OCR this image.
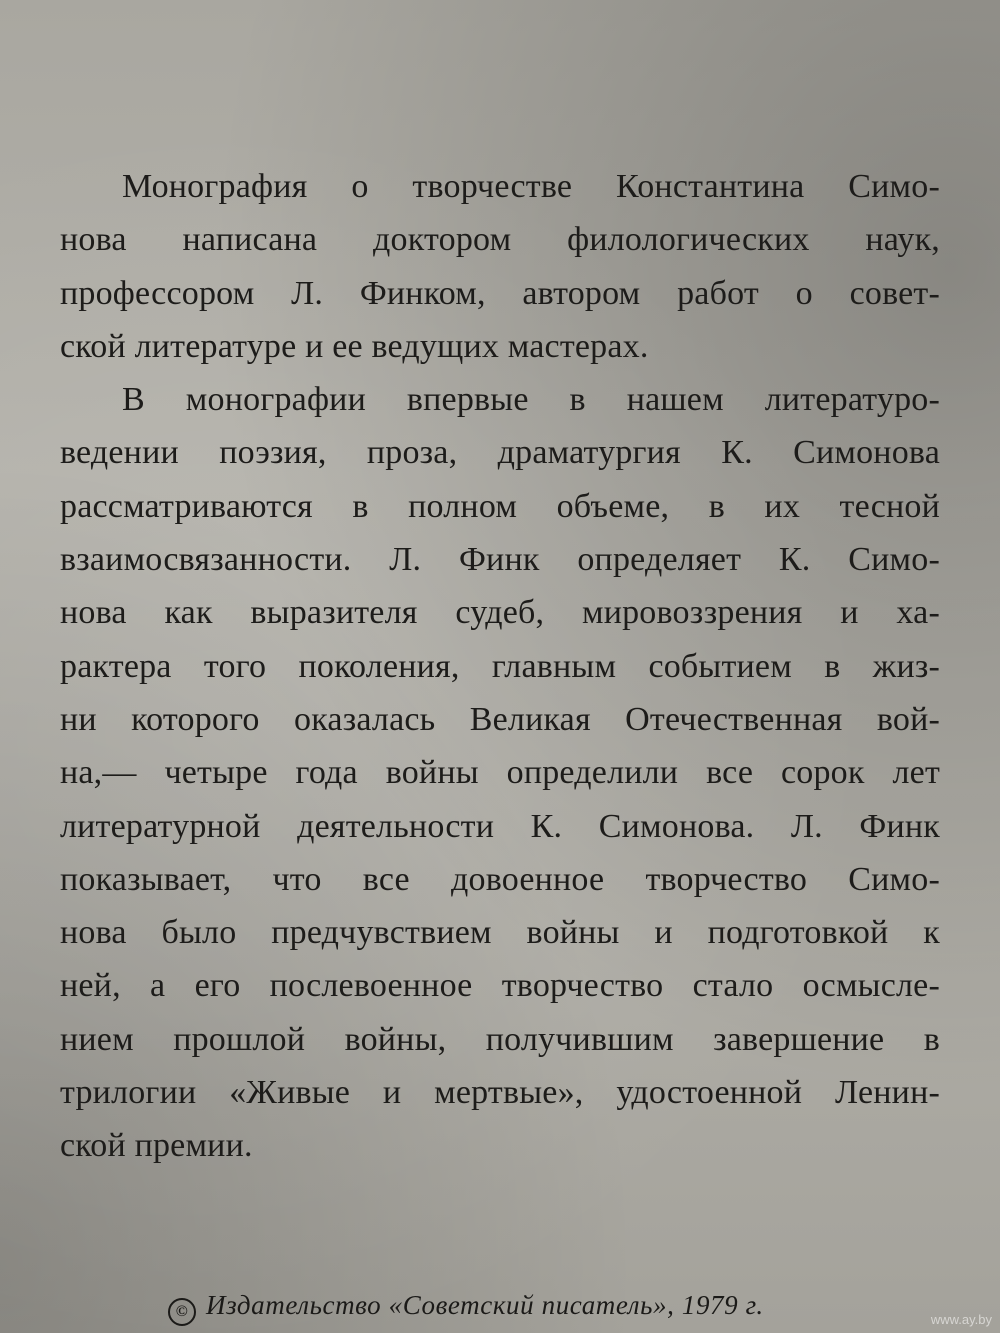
Монография о творчестве Константина Симо-
нова написана доктором филологических наук,
профессором Л. Финком, автором работ о совет-
ской литературе и ее ведущих мастерах.
В монографии впервые в нашем литературо-
ведении поэзия, проза, драматургия К. Симонова
рассматриваются в полном объеме, в их тесной
взаимосвязанности. Л. Финк определяет К. Симо-
нова как выразителя судеб, мировоззрения и ха-
рактера того поколения, главным событием в жиз-
ни которого оказалась Великая Отечественная вой-
на,— четыре года войны определили все сорок лет
литературной деятельности К. Симонова. Л. Финк
показывает, что все довоенное творчество Симо-
нова было предчувствием войны и подготовкой к
ней, а его послевоенное творчество стало осмысле-
нием прошлой войны, получившим завершение в
трилогии «Живые и мертвые», удостоенной Ленин-
ской премии.
© Издательство «Советский писатель», 1979 г.	www.ay.by
